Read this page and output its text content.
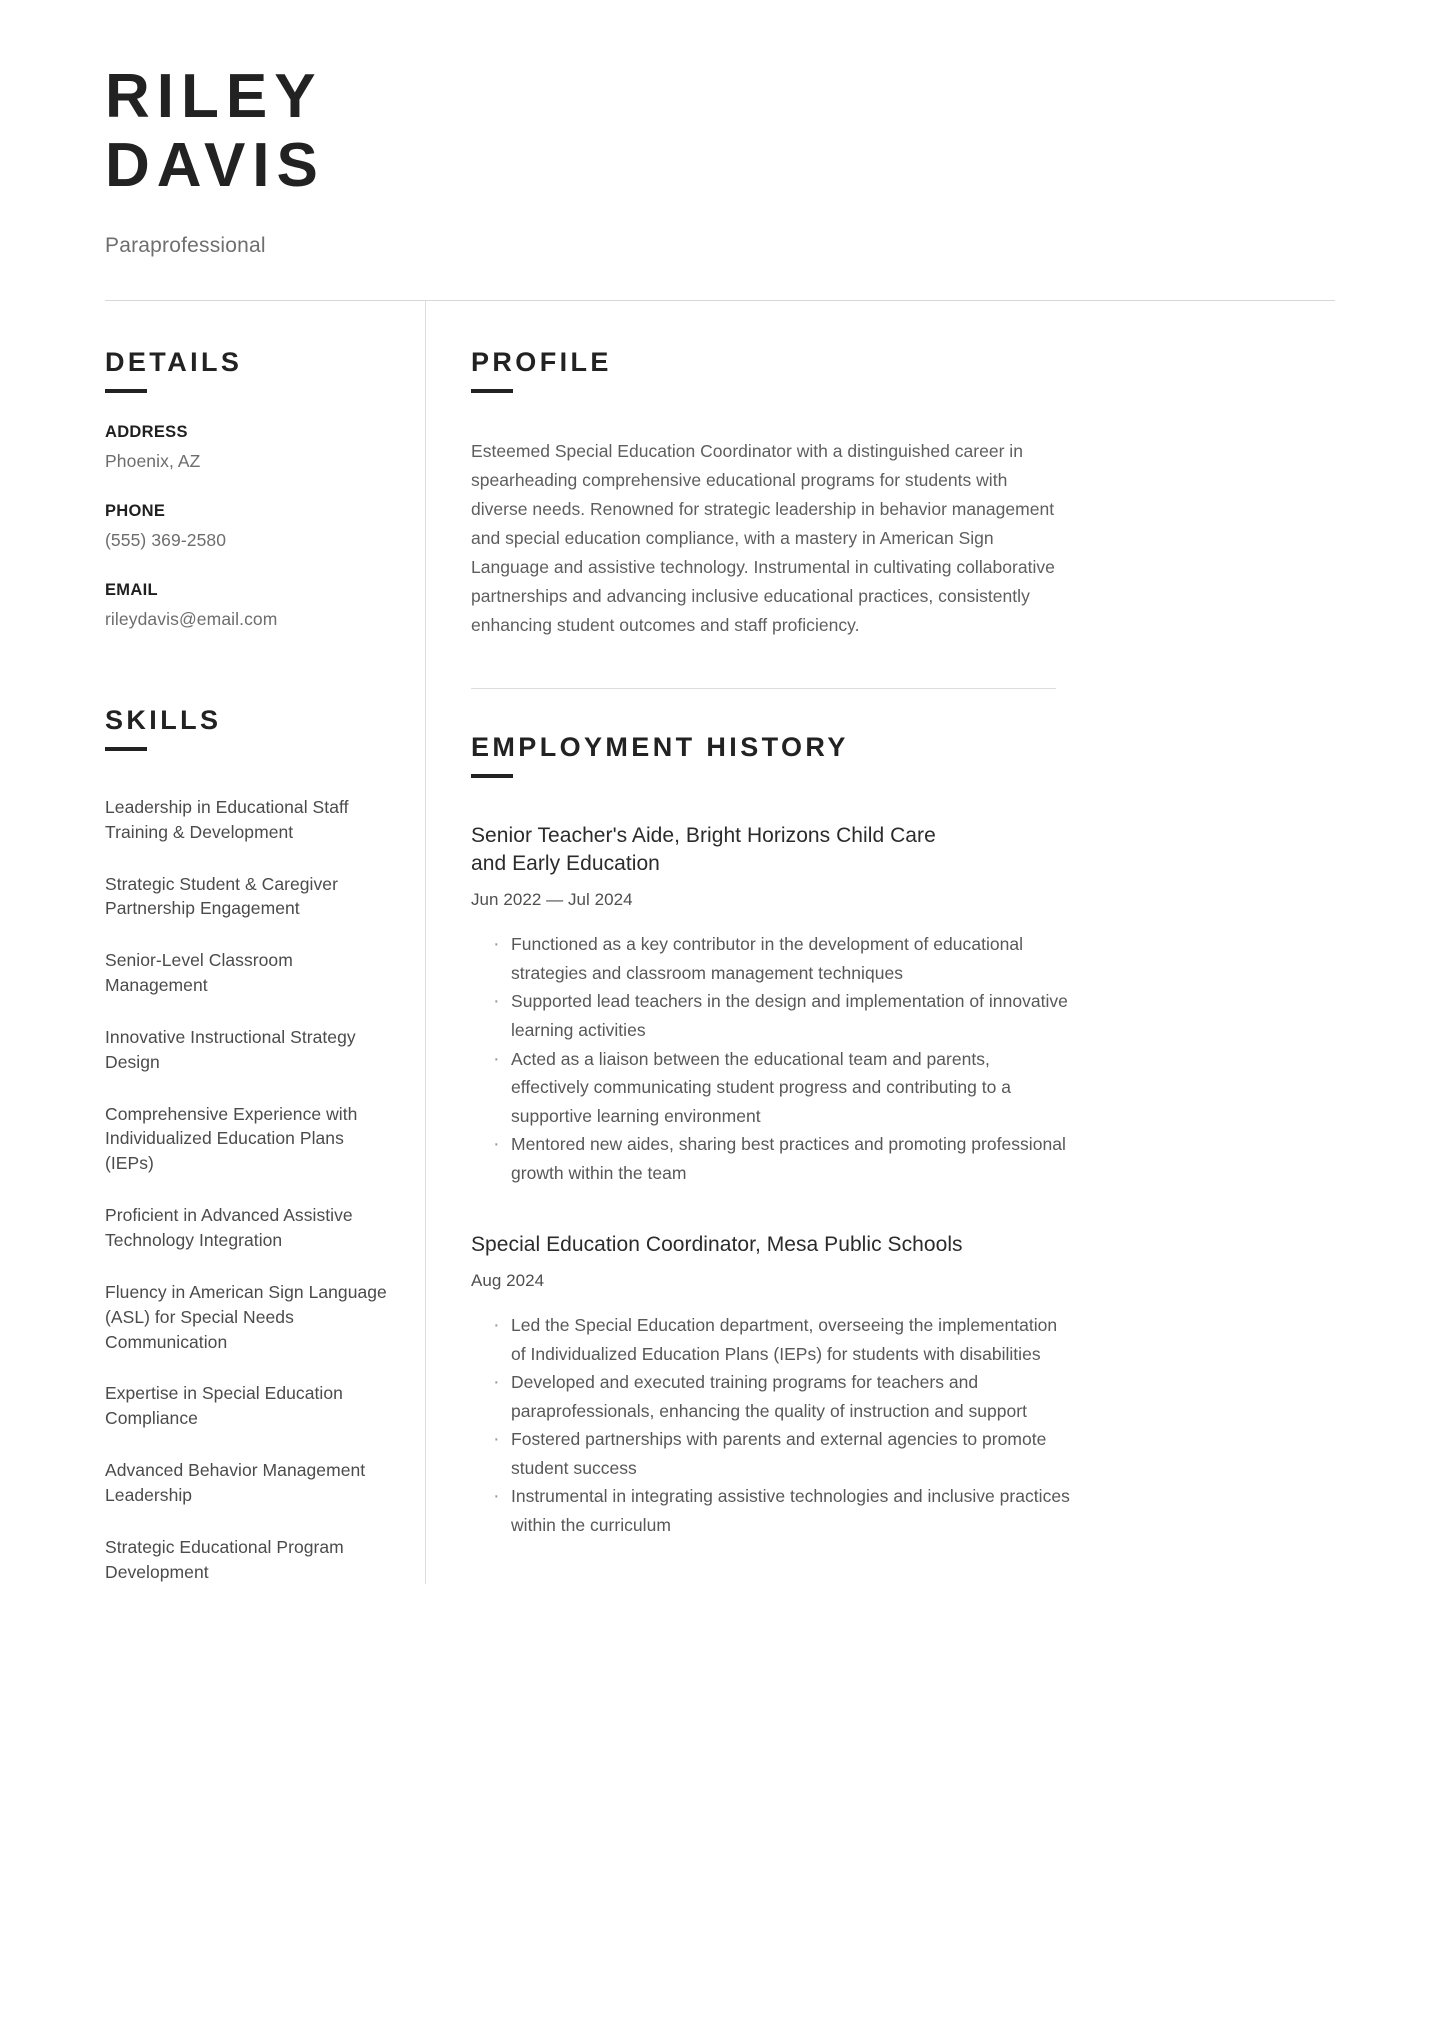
RILEY
DAVIS
Paraprofessional
DETAILS
ADDRESS
Phoenix, AZ
PHONE
(555) 369-2580
EMAIL
rileydavis@email.com
SKILLS
Leadership in Educational Staff Training & Development
Strategic Student & Caregiver Partnership Engagement
Senior-Level Classroom Management
Innovative Instructional Strategy Design
Comprehensive Experience with Individualized Education Plans (IEPs)
Proficient in Advanced Assistive Technology Integration
Fluency in American Sign Language (ASL) for Special Needs Communication
Expertise in Special Education Compliance
Advanced Behavior Management Leadership
Strategic Educational Program Development
PROFILE

Esteemed Special Education Coordinator with a distinguished career in spearheading comprehensive educational programs for students with diverse needs. Renowned for strategic leadership in behavior management and special education compliance, with a mastery in American Sign Language and assistive technology. Instrumental in cultivating collaborative partnerships and advancing inclusive educational practices, consistently enhancing student outcomes and staff proficiency.

EMPLOYMENT HISTORY
Senior Teacher's Aide, Bright Horizons Child Care and Early Education
Jun 2022 — Jul 2024
· Functioned as a key contributor in the development of educational strategies and classroom management techniques
· Supported lead teachers in the design and implementation of innovative learning activities
· Acted as a liaison between the educational team and parents, effectively communicating student progress and contributing to a supportive learning environment
· Mentored new aides, sharing best practices and promoting professional growth within the team
Special Education Coordinator, Mesa Public Schools
Aug 2024
· Led the Special Education department, overseeing the implementation of Individualized Education Plans (IEPs) for students with disabilities
· Developed and executed training programs for teachers and paraprofessionals, enhancing the quality of instruction and support
· Fostered partnerships with parents and external agencies to promote student success
· Instrumental in integrating assistive technologies and inclusive practices within the curriculum
